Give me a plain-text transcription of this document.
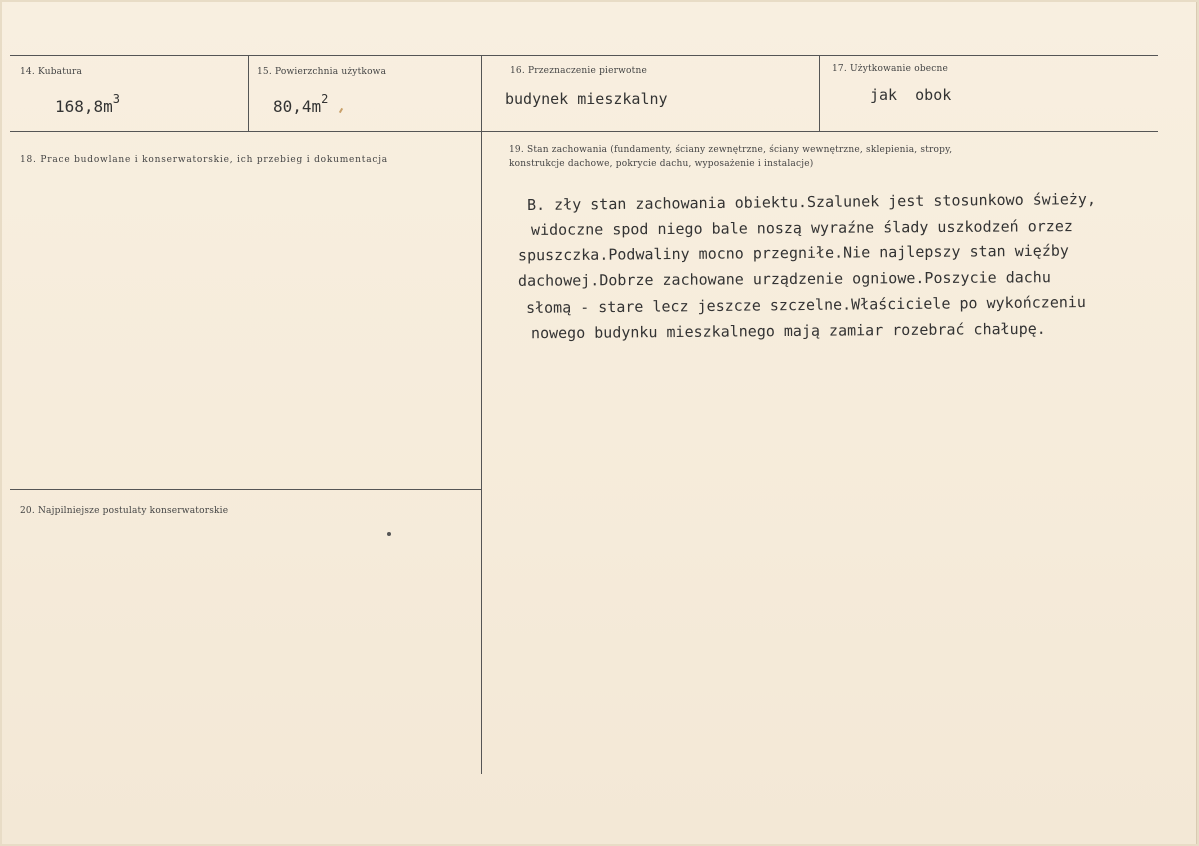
14. Kubatura
$168,8m^3$
15. Powierzchnia użytkowa
$80,4m^2$
16. Przeznaczenie pierwotne
budynek mieszkalny
17. Użytkowanie obecne
jak  obok
18. Prace budowlane i konserwatorskie, ich przebieg i dokumentacja
19. Stan zachowania (fundamenty, ściany zewnętrzne, ściany wewnętrzne, sklepienia, stropy,
konstrukcje dachowe, pokrycie dachu, wyposażenie i instalacje)
B. zły stan zachowania obiektu.Szalunek jest stosunkowo świeży,
widoczne spod niego bale noszą wyraźne ślady uszkodzeń orzez
spuszczka.Podwaliny mocno przegniłe.Nie najlepszy stan więźby
dachowej.Dobrze zachowane urządzenie ogniowe.Poszycie dachu
słomą - stare lecz jeszcze szczelne.Właściciele po wykończeniu
nowego budynku mieszkalnego mają zamiar rozebrać chałupę.
20. Najpilniejsze postulaty konserwatorskie
